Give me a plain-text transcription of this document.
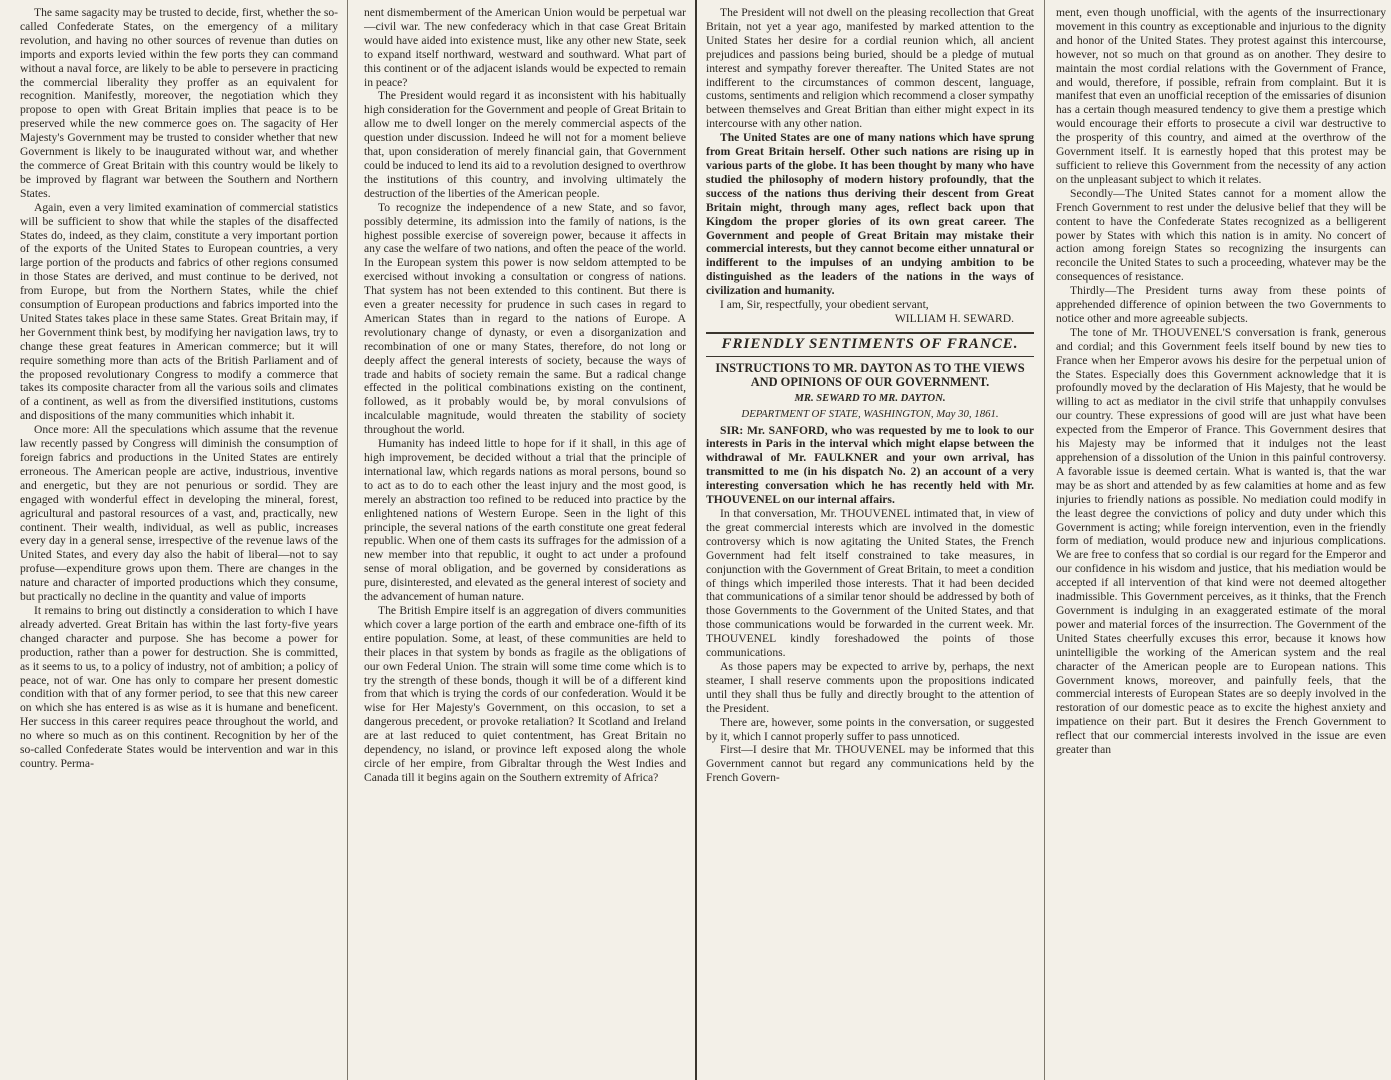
The same sagacity may be trusted to decide, first, whether the so-called Confederate States, on the emergency of a military revolution, and having no other sources of revenue than duties on imports and exports levied within the few ports they can command without a naval force, are likely to be able to persevere in practicing the commercial liberality they proffer as an equivalent for recognition. Manifestly, moreover, the negotiation which they propose to open with Great Britain implies that peace is to be preserved while the new commerce goes on. The sagacity of Her Majesty's Government may be trusted to consider whether that new Government is likely to be inaugurated without war, and whether the commerce of Great Britain with this country would be likely to be improved by flagrant war between the Southern and Northern States.

Again, even a very limited examination of commercial statistics will be sufficient to show that while the staples of the disaffected States do, indeed, as they claim, constitute a very important portion of the exports of the United States to European countries, a very large portion of the products and fabrics of other regions consumed in those States are derived, and must continue to be derived, not from Europe, but from the Northern States, while the chief consumption of European productions and fabrics imported into the United States takes place in these same States. Great Britain may, if her Government think best, by modifying her navigation laws, try to change these great features in American commerce; but it will require something more than acts of the British Parliament and of the proposed revolutionary Congress to modify a commerce that takes its composite character from all the various soils and climates of a continent, as well as from the diversified institutions, customs and dispositions of the many communities which inhabit it.

Once more: All the speculations which assume that the revenue law recently passed by Congress will diminish the consumption of foreign fabrics and productions in the United States are entirely erroneous. The American people are active, industrious, inventive and energetic, but they are not penurious or sordid. They are engaged with wonderful effect in developing the mineral, forest, agricultural and pastoral resources of a vast, and, practically, new continent. Their wealth, individual, as well as public, increases every day in a general sense, irrespective of the revenue laws of the United States, and every day also the habit of liberal—not to say profuse—expenditure grows upon them. There are changes in the nature and character of imported productions which they consume, but practically no decline in the quantity and value of imports

It remains to bring out distinctly a consideration to which I have already adverted. Great Britain has within the last forty-five years changed character and purpose. She has become a power for production, rather than a power for destruction. She is committed, as it seems to us, to a policy of industry, not of ambition; a policy of peace, not of war. One has only to compare her present domestic condition with that of any former period, to see that this new career on which she has entered is as wise as it is humane and beneficent. Her success in this career requires peace throughout the world, and no where so much as on this continent. Recognition by her of the so-called Confederate States would be intervention and war in this country. Perma-

nent dismemberment of the American Union would be perpetual war—civil war. The new confederacy which in that case Great Britain would have aided into existence must, like any other new State, seek to expand itself northward, westward and southward. What part of this continent or of the adjacent islands would be expected to remain in peace?

The President would regard it as inconsistent with his habitually high consideration for the Government and people of Great Britain to allow me to dwell longer on the merely commercial aspects of the question under discussion. Indeed he will not for a moment believe that, upon consideration of merely financial gain, that Government could be induced to lend its aid to a revolution designed to overthrow the institutions of this country, and involving ultimately the destruction of the liberties of the American people.

To recognize the independence of a new State, and so favor, possibly determine, its admission into the family of nations, is the highest possible exercise of sovereign power, because it affects in any case the welfare of two nations, and often the peace of the world. In the European system this power is now seldom attempted to be exercised without invoking a consultation or congress of nations. That system has not been extended to this continent. But there is even a greater necessity for prudence in such cases in regard to American States than in regard to the nations of Europe. A revolutionary change of dynasty, or even a disorganization and recombination of one or many States, therefore, do not long or deeply affect the general interests of society, because the ways of trade and habits of society remain the same. But a radical change effected in the political combinations existing on the continent, followed, as it probably would be, by moral convulsions of incalculable magnitude, would threaten the stability of society throughout the world.

Humanity has indeed little to hope for if it shall, in this age of high improvement, be decided without a trial that the principle of international law, which regards nations as moral persons, bound so to act as to do to each other the least injury and the most good, is merely an abstraction too refined to be reduced into practice by the enlightened nations of Western Europe. Seen in the light of this principle, the several nations of the earth constitute one great federal republic. When one of them casts its suffrages for the admission of a new member into that republic, it ought to act under a profound sense of moral obligation, and be governed by considerations as pure, disinterested, and elevated as the general interest of society and the advancement of human nature.

The British Empire itself is an aggregation of divers communities which cover a large portion of the earth and embrace one-fifth of its entire population. Some, at least, of these communities are held to their places in that system by bonds as fragile as the obligations of our own Federal Union. The strain will some time come which is to try the strength of these bonds, though it will be of a different kind from that which is trying the cords of our confederation. Would it be wise for Her Majesty's Government, on this occasion, to set a dangerous precedent, or provoke retaliation? It Scotland and Ireland are at last reduced to quiet contentment, has Great Britain no dependency, no island, or province left exposed along the whole circle of her empire, from Gibraltar through the West Indies and Canada till it begins again on the Southern extremity of Africa?

The President will not dwell on the pleasing recollection that Great Britain, not yet a year ago, manifested by marked attention to the United States her desire for a cordial reunion which, all ancient prejudices and passions being buried, should be a pledge of mutual interest and sympathy forever thereafter. The United States are not indifferent to the circumstances of common descent, language, customs, sentiments and religion which recommend a closer sympathy between themselves and Great Britian than either might expect in its intercourse with any other nation.

The United States are one of many nations which have sprung from Great Britain herself. Other such nations are rising up in various parts of the globe. It has been thought by many who have studied the philosophy of modern history profoundly, that the success of the nations thus deriving their descent from Great Britain might, through many ages, reflect back upon that Kingdom the proper glories of its own great career. The Government and people of Great Britain may mistake their commercial interests, but they cannot become either unnatural or indifferent to the impulses of an undying ambition to be distinguished as the leaders of the nations in the ways of civilization and humanity.

I am, Sir, respectfully, your obedient servant,

WILLIAM H. SEWARD.

FRIENDLY SENTIMENTS OF FRANCE.
INSTRUCTIONS TO MR. DAYTON AS TO THE VIEWS AND OPINIONS OF OUR GOVERNMENT.
MR. SEWARD TO MR. DAYTON.
DEPARTMENT OF STATE, WASHINGTON, May 30, 1861.

SIR: Mr. SANFORD, who was requested by me to look to our interests in Paris in the interval which might elapse between the withdrawal of Mr. FAULKNER and your own arrival, has transmitted to me (in his dispatch No. 2) an account of a very interesting conversation which he has recently held with Mr. THOUVENEL on our internal affairs.

In that conversation, Mr. THOUVENEL intimated that, in view of the great commercial interests which are involved in the domestic controversy which is now agitating the United States, the French Government had felt itself constrained to take measures, in conjunction with the Government of Great Britain, to meet a condition of things which imperiled those interests. That it had been decided that communications of a similar tenor should be addressed by both of those Governments to the Government of the United States, and that those communications would be forwarded in the current week. Mr. THOUVENEL kindly foreshadowed the points of those communications.

As those papers may be expected to arrive by, perhaps, the next steamer, I shall reserve comments upon the propositions indicated until they shall thus be fully and directly brought to the attention of the President.

There are, however, some points in the conversation, or suggested by it, which I cannot properly suffer to pass unnoticed.

First—I desire that Mr. THOUVENEL may be informed that this Government cannot but regard any communications held by the French Govern-

ment, even though unofficial, with the agents of the insurrectionary movement in this country as exceptionable and injurious to the dignity and honor of the United States. They protest against this intercourse, however, not so much on that ground as on another. They desire to maintain the most cordial relations with the Government of France, and would, therefore, if possible, refrain from complaint. But it is manifest that even an unofficial reception of the emissaries of disunion has a certain though measured tendency to give them a prestige which would encourage their efforts to prosecute a civil war destructive to the prosperity of this country, and aimed at the overthrow of the Government itself. It is earnestly hoped that this protest may be sufficient to relieve this Government from the necessity of any action on the unpleasant subject to which it relates.

Secondly—The United States cannot for a moment allow the French Government to rest under the delusive belief that they will be content to have the Confederate States recognized as a belligerent power by States with which this nation is in amity. No concert of action among foreign States so recognizing the insurgents can reconcile the United States to such a proceeding, whatever may be the consequences of resistance.

Thirdly—The President turns away from these points of apprehended difference of opinion between the two Governments to notice other and more agreeable subjects.

The tone of Mr. THOUVENEL'S conversation is frank, generous and cordial; and this Government feels itself bound by new ties to France when her Emperor avows his desire for the perpetual union of the States. Especially does this Government acknowledge that it is profoundly moved by the declaration of His Majesty, that he would be willing to act as mediator in the civil strife that unhappily convulses our country. These expressions of good will are just what have been expected from the Emperor of France. This Government desires that his Majesty may be informed that it indulges not the least apprehension of a dissolution of the Union in this painful controversy. A favorable issue is deemed certain. What is wanted is, that the war may be as short and attended by as few calamities at home and as few injuries to friendly nations as possible. No mediation could modify in the least degree the convictions of policy and duty under which this Government is acting; while foreign intervention, even in the friendly form of mediation, would produce new and injurious complications. We are free to confess that so cordial is our regard for the Emperor and our confidence in his wisdom and justice, that his mediation would be accepted if all intervention of that kind were not deemed altogether inadmissible. This Government perceives, as it thinks, that the French Government is indulging in an exaggerated estimate of the moral power and material forces of the insurrection. The Government of the United States cheerfully excuses this error, because it knows how unintelligible the working of the American system and the real character of the American people are to European nations. This Government knows, moreover, and painfully feels, that the commercial interests of European States are so deeply involved in the restoration of our domestic peace as to excite the highest anxiety and impatience on their part. But it desires the French Government to reflect that our commercial interests involved in the issue are even greater than
